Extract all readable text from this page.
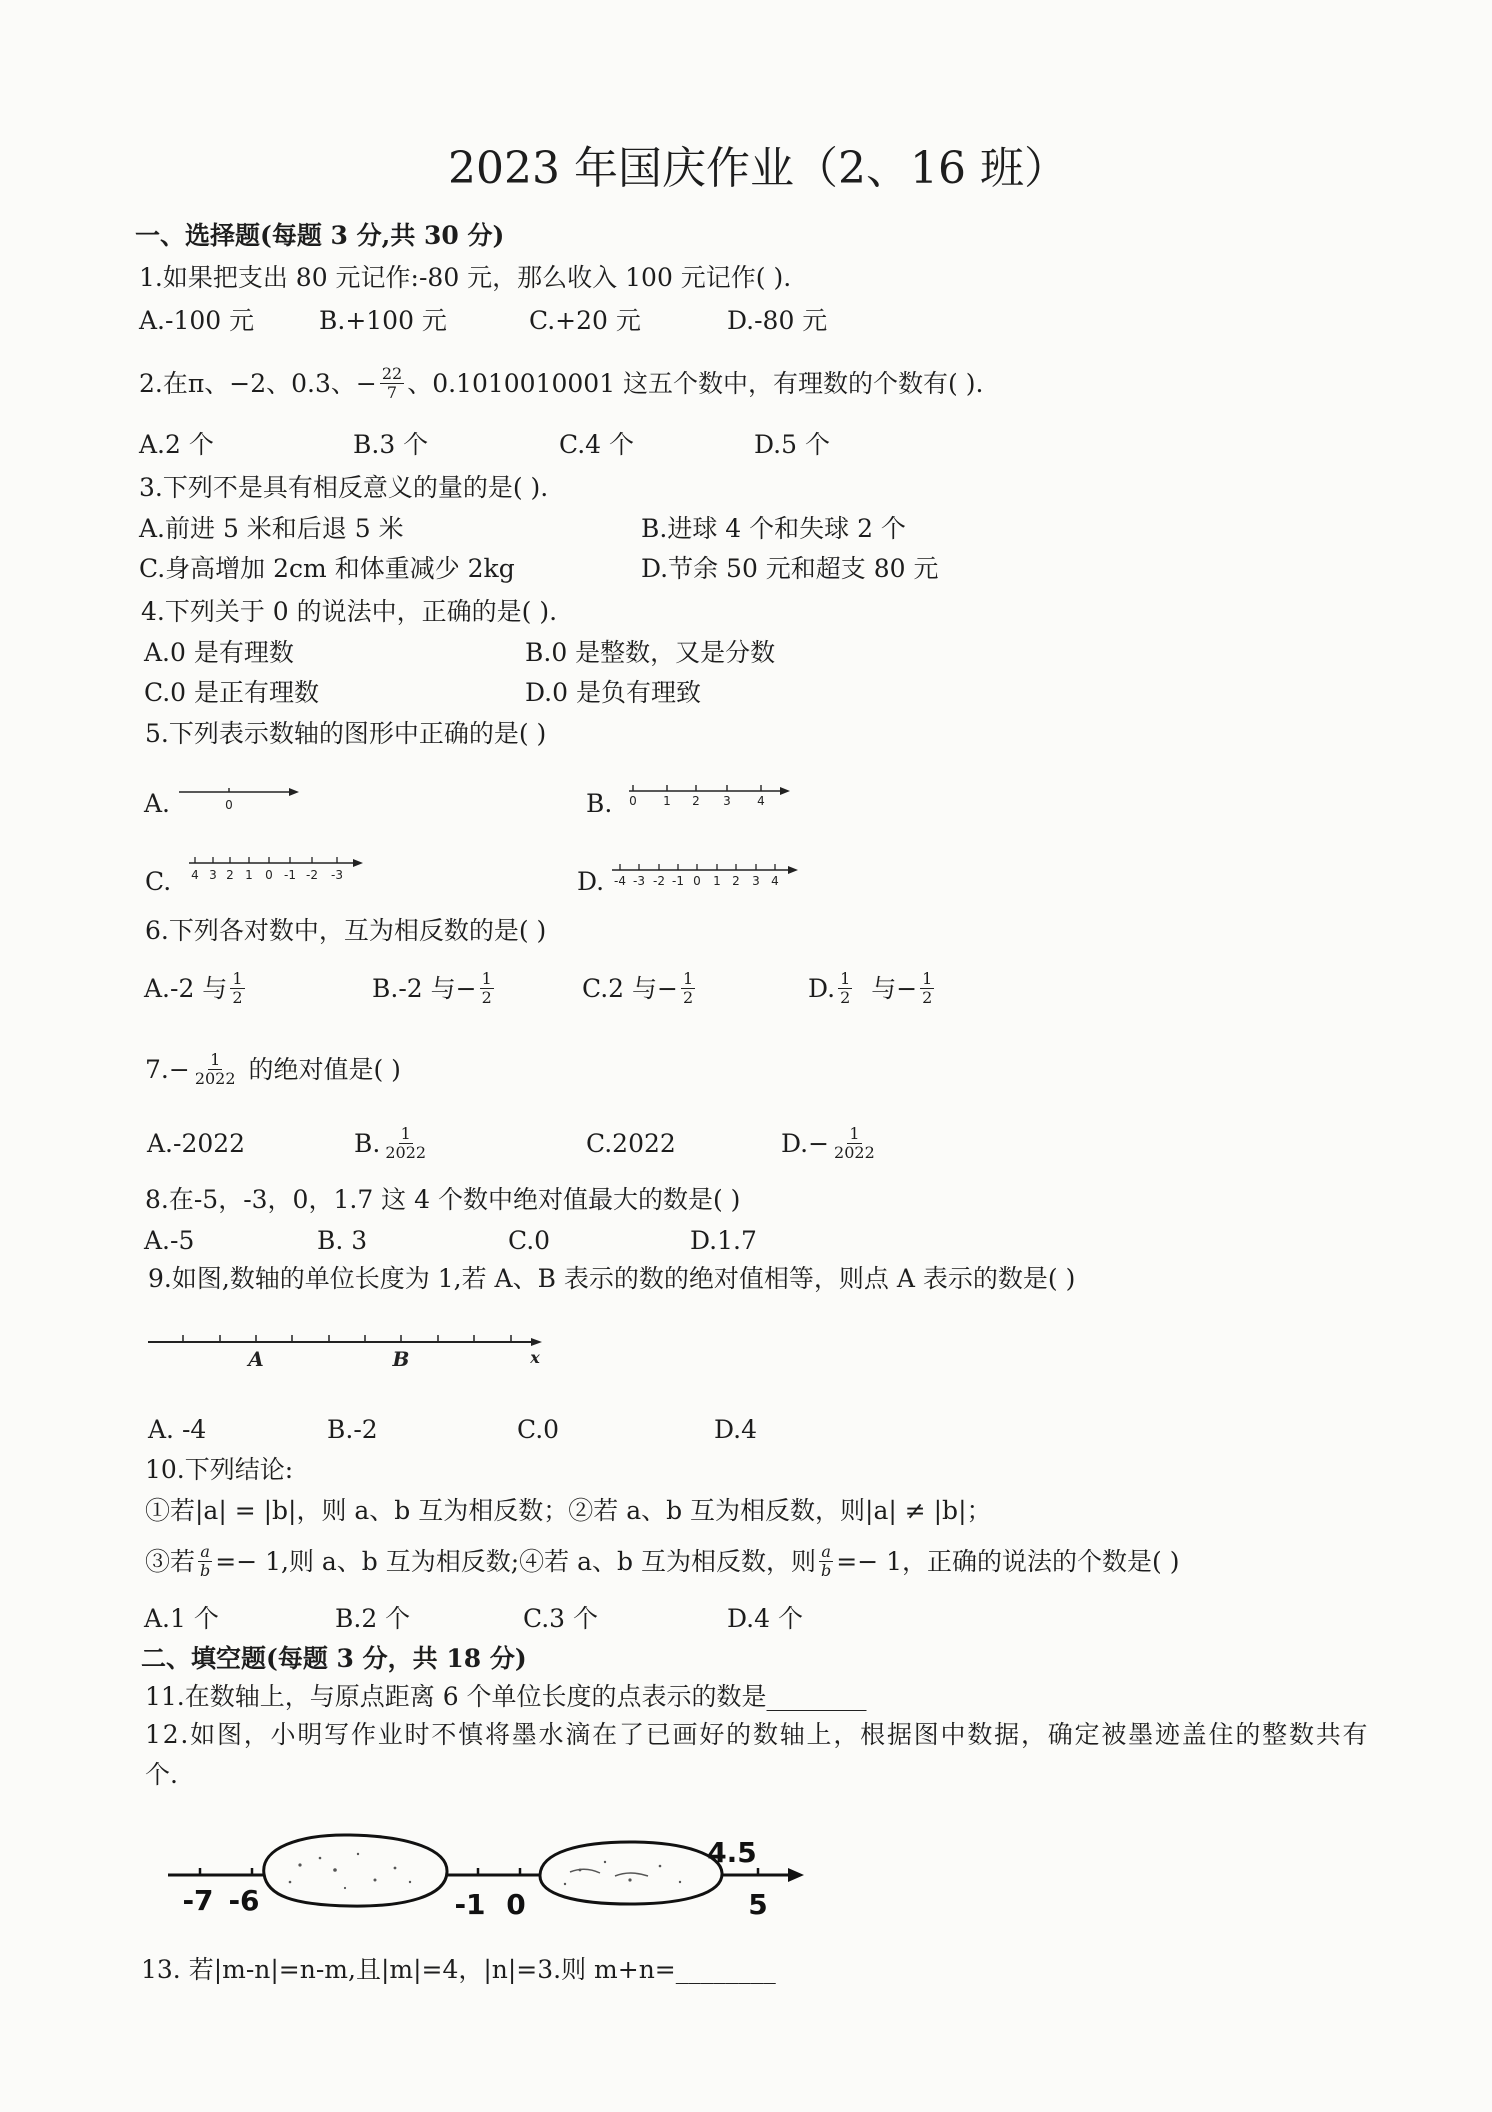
2023 年国庆作业（2、16 班）
一、选择题(每题 3 分,共 30 分)
1.如果把支出 80 元记作:-80 元，那么收入 100 元记作( ).
A.-100 元	B.+100 元	C.+20 元	D.-80 元
2.在π、−2、0.3、− $\frac{22}{7}$ 、0.1010010001 这五个数中，有理数的个数有( ).
A.2 个	B.3 个	C.4 个	D.5 个
3.下列不是具有相反意义的量的是( ).
A.前进 5 米和后退 5 米	B.进球 4 个和失球 2 个
C.身高增加 2cm 和体重减少 2kg	D.节余 50 元和超支 80 元
4.下列关于 0 的说法中，正确的是( ).
A.0 是有理数	B.0 是整数，又是分数
C.0 是正有理数	D.0 是负有理致
5.下列表示数轴的图形中正确的是( )
A.	0	B. 0 1 2 3 4
C. 4 3 2 1 0 -1 -2 -3	D. -4 -3 -2 -1 0 1 2 3 4
6.下列各对数中，互为相反数的是( )
A.-2 与 $\frac{1}{2}$	B.-2 与− $\frac{1}{2}$	C.2 与− $\frac{1}{2}$	D. $\frac{1}{2}$ 与− $\frac{1}{2}$
$7.- \frac{1}{2022}$ 的绝对值是( )
A.-2022	B. $\frac{1}{2022}$	C.2022	$D.- \frac{1}{2022}$
8.在-5，-3，0，1.7 这 4 个数中绝对值最大的数是( )
A.-5	B. 3	C.0	D.1.7
9.如图,数轴的单位长度为 1,若 A、B 表示的数的绝对值相等，则点 A 表示的数是( )
A	B	x
A. -4	B.-2	C.0	D.4
10.下列结论:
①若|a| = |b|，则 a、b 互为相反数；②若 a、b 互为相反数，则|a| ≠ |b|；
③若 $\frac{a}{b} =- 1$,则 a、b 互为相反数;④若 a、b 互为相反数，则 $\frac{a}{b} =- 1$，正确的说法的个数是( )
A.1 个	B.2 个	C.3 个	D.4 个
二、填空题(每题 3 分，共 18 分)
11.在数轴上，与原点距离 6 个单位长度的点表示的数是________
12.如图，小明写作业时不慎将墨水滴在了已画好的数轴上，根据图中数据，确定被墨迹盖住的整数共有
个.
-7 -6	-1 0
4.5
5
13. 若|m-n|=n-m,且|m|=4，|n|=3.则 m+n=________
